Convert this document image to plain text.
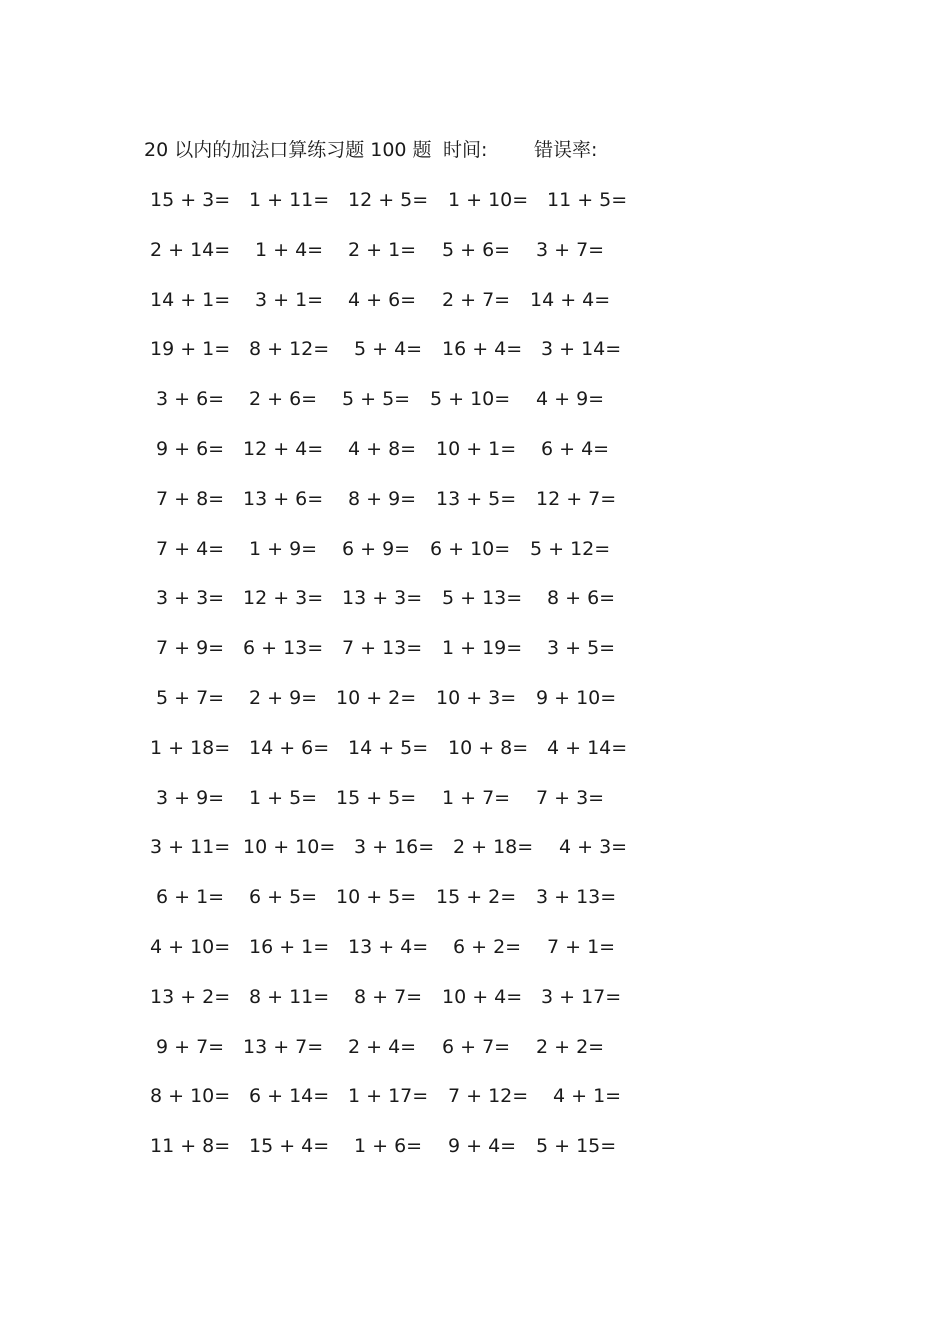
20 以内的加法口算练习题 100 题 时间: 错误率:
15 + 3= 1 + 11= 12 + 5= 1 + 10= 11 + 5=
2 + 14= 1 + 4= 2 + 1= 5 + 6= 3 + 7=
14 + 1= 3 + 1= 4 + 6= 2 + 7= 14 + 4=
19 + 1= 8 + 12= 5 + 4= 16 + 4= 3 + 14=
3 + 6= 2 + 6= 5 + 5= 5 + 10= 4 + 9=
9 + 6= 12 + 4= 4 + 8= 10 + 1= 6 + 4=
7 + 8= 13 + 6= 8 + 9= 13 + 5= 12 + 7=
7 + 4= 1 + 9= 6 + 9= 6 + 10= 5 + 12=
3 + 3= 12 + 3= 13 + 3= 5 + 13= 8 + 6=
7 + 9= 6 + 13= 7 + 13= 1 + 19= 3 + 5=
5 + 7= 2 + 9= 10 + 2= 10 + 3= 9 + 10=
1 + 18= 14 + 6= 14 + 5= 10 + 8= 4 + 14=
3 + 9= 1 + 5= 15 + 5= 1 + 7= 7 + 3=
3 + 11= 10 + 10= 3 + 16= 2 + 18= 4 + 3=
6 + 1= 6 + 5= 10 + 5= 15 + 2= 3 + 13=
4 + 10= 16 + 1= 13 + 4= 6 + 2= 7 + 1=
13 + 2= 8 + 11= 8 + 7= 10 + 4= 3 + 17=
9 + 7= 13 + 7= 2 + 4= 6 + 7= 2 + 2=
8 + 10= 6 + 14= 1 + 17= 7 + 12= 4 + 1=
11 + 8= 15 + 4= 1 + 6= 9 + 4= 5 + 15=
